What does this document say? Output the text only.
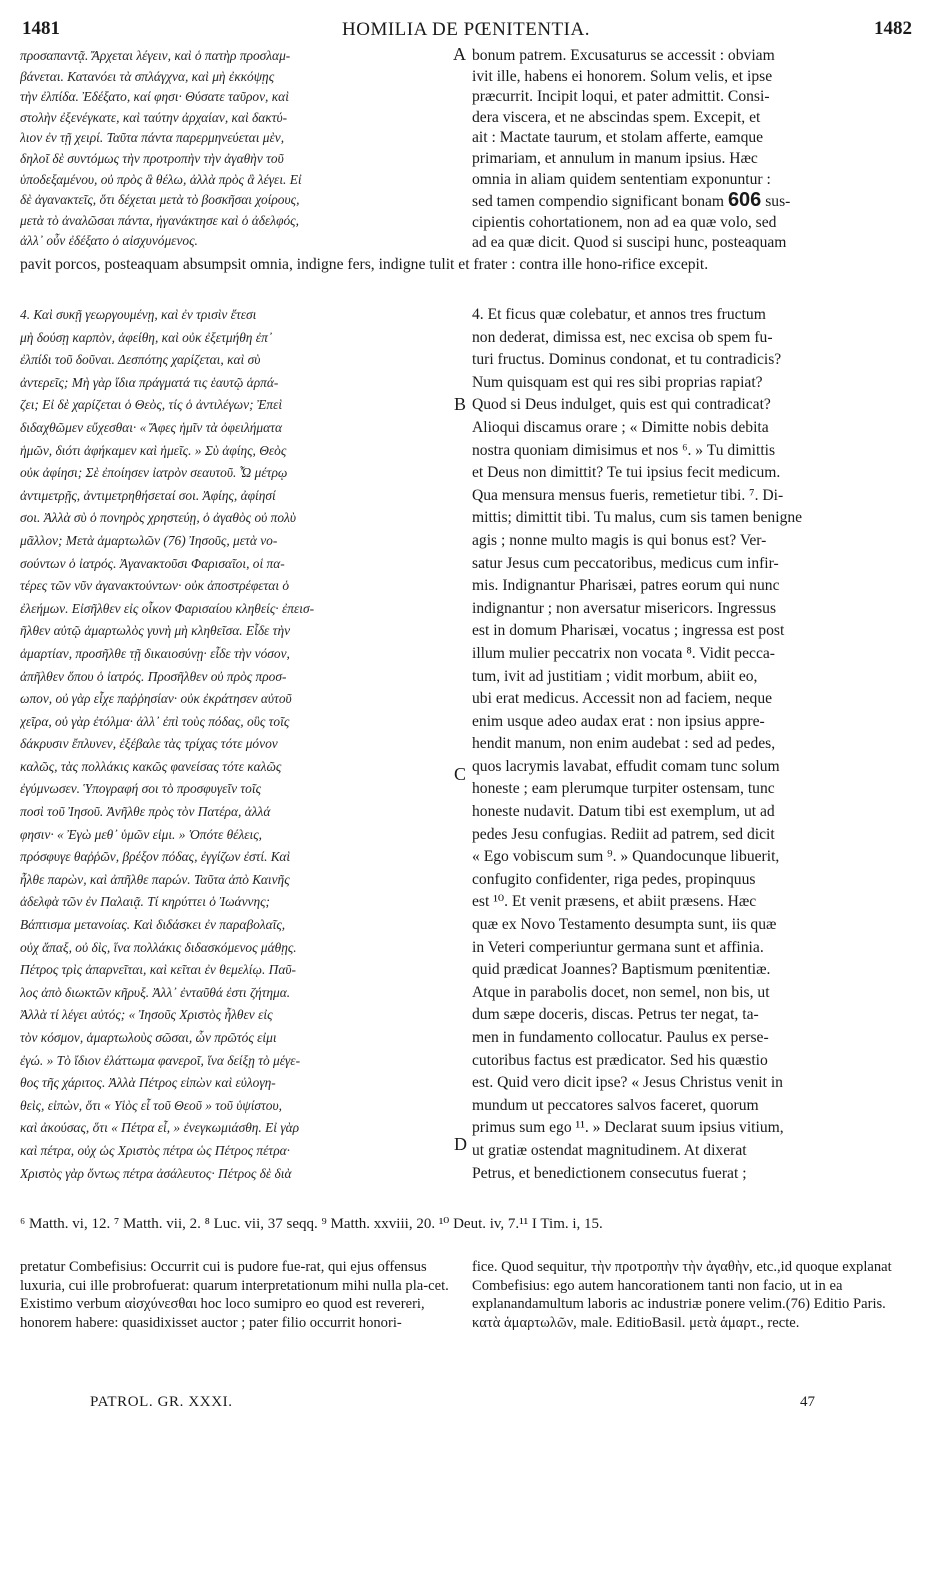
1481	HOMILIA DE PŒNITENTIA.	1482
προσαπαντᾷ. Ἄρχεται λέγειν, καὶ ὁ πατὴρ προσλαμ-
βάνεται. Κατανόει τὰ σπλάγχνα, καὶ μὴ ἐκκόψῃς
τὴν ἐλπίδα. Ἐδέξατο, καί φησι· Θύσατε ταῦρον, καὶ
στολὴν ἐξενέγκατε, καὶ ταύτην ἀρχαίαν, καὶ δακτύ-
λιον ἐν τῇ χειρί. Ταῦτα πάντα παρερμηνεύεται μὲν,
δηλοῖ δὲ συντόμως τὴν προτροπὴν τὴν ἀγαθὴν τοῦ
ὑποδεξαμένου, οὐ πρὸς ἃ θέλω, ἀλλὰ πρὸς ἃ λέγει. Εἰ
δὲ ἀγανακτεῖς, ὅτι δέχεται μετὰ τὸ βοσκῆσαι χοίρους,
μετὰ τὸ ἀναλῶσαι πάντα, ἠγανάκτησε καὶ ὁ ἀδελφός,
ἀλλ᾽ οὖν ἐδέξατο ὁ αἰσχυνόμενος.
A bonum patrem. Excusaturus se accessit : obviam
ivit ille, habens ei honorem. Solum velis, et ipse
præcurrit. Incipit loqui, et pater admittit. Consi-
dera viscera, et ne abscindas spem. Excepit, et
ait : Mactate taurum, et stolam afferte, eamque
primariam, et annulum in manum ipsius. Hæc
omnia in aliam quidem sententiam exponuntur :
sed tamen compendio significant bonam 606 sus-
cipientis cohortationem, non ad ea quæ volo, sed
ad ea quæ dicit. Quod si suscipi hunc, posteaquam
pavit porcos, posteaquam absumpsit omnia, indigne fers, indigne tulit et frater : contra ille hono-rifice excepit.
4. Καὶ συκῇ γεωργουμένῃ, καὶ ἐν τρισὶν ἔτεσι
μὴ δούσῃ καρπὸν, ἀφείθη, καὶ οὐκ ἐξετμήθη ἐπ᾽
ἐλπίδι τοῦ δοῦναι. Δεσπότης χαρίζεται, καὶ σὺ
ἀντερεῖς; Μὴ γὰρ ἴδια πράγματά τις ἑαυτῷ ἁρπά-
ζει; Εἰ δὲ χαρίζεται ὁ Θεὸς, τίς ὁ ἀντιλέγων; Ἐπεὶ
διδαχθῶμεν εὔχεσθαι· « Ἄφες ἡμῖν τὰ ὀφειλήματα
ἡμῶν, διότι ἀφήκαμεν καὶ ἡμεῖς. » Σὺ ἀφίης, Θεὸς
οὐκ ἀφίησι; Σὲ ἐποίησεν ἰατρὸν σεαυτοῦ. Ὦ μέτρῳ
ἀντιμετρῇς, ἀντιμετρηθήσεταί σοι. Ἀφίης, ἀφίησί
σοι. Ἀλλὰ σὺ ὁ πονηρὸς χρηστεύῃ, ὁ ἀγαθὸς οὐ πολὺ
μᾶλλον; Μετὰ ἁμαρτωλῶν (76) Ἰησοῦς, μετὰ νο-
σούντων ὁ ἰατρός. Ἀγανακτοῦσι Φαρισαῖοι, οἱ πα-
τέρες τῶν νῦν ἀγανακτούντων· οὐκ ἀποστρέφεται ὁ
ἐλεήμων. Εἰσῆλθεν εἰς οἶκον Φαρισαίου κληθείς· ἐπεισ-
ῆλθεν αὐτῷ ἁμαρτωλὸς γυνὴ μὴ κληθεῖσα. Εἶδε τὴν
ἁμαρτίαν, προσῆλθε τῇ δικαιοσύνῃ· εἶδε τὴν νόσον,
ἀπῆλθεν ὅπου ὁ ἰατρός. Προσῆλθεν οὐ πρὸς προσ-
ωπον, οὐ γὰρ εἶχε παῤῥησίαν· οὐκ ἐκράτησεν αὐτοῦ
χεῖρα, οὐ γὰρ ἐτόλμα· ἀλλ᾽ ἐπὶ τοὺς πόδας, οὓς τοῖς
δάκρυσιν ἔπλυνεν, ἐξέβαλε τὰς τρίχας τότε μόνον
καλῶς, τὰς πολλάκις κακῶς φανείσας τότε καλῶς
ἐγύμνωσεν. Ὑπογραφή σοι τὸ προσφυγεῖν τοῖς
ποσὶ τοῦ Ἰησοῦ. Ἀνῆλθε πρὸς τὸν Πατέρα, ἀλλά
φησιν· « Ἐγὼ μεθ᾽ ὑμῶν εἰμι. » Ὁπότε θέλεις,
πρόσφυγε θαῤῥῶν, βρέξον πόδας, ἐγγίζων ἐστί. Καὶ
ἦλθε παρὼν, καὶ ἀπῆλθε παρών. Ταῦτα ἀπὸ Καινῆς
ἀδελφὰ τῶν ἐν Παλαιᾷ. Τί κηρύττει ὁ Ἰωάννης;
Βάπτισμα μετανοίας. Καὶ διδάσκει ἐν παραβολαῖς,
οὐχ ἅπαξ, οὐ δὶς, ἵνα πολλάκις διδασκόμενος μάθῃς.
Πέτρος τρὶς ἀπαρνεῖται, καὶ κεῖται ἐν θεμελίῳ. Παῦ-
λος ἀπὸ διωκτῶν κῆρυξ. Ἀλλ᾽ ἐνταῦθά ἐστι ζήτημα.
Ἀλλὰ τί λέγει αὐτός; « Ἰησοῦς Χριστὸς ἦλθεν εἰς
τὸν κόσμον, ἁμαρτωλοὺς σῶσαι, ὧν πρῶτός εἰμι
ἐγώ. » Τὸ ἴδιον ἐλάττωμα φανεροῖ, ἵνα δείξῃ τὸ μέγε-
θος τῆς χάριτος. Ἀλλὰ Πέτρος εἰπὼν καὶ εὐλογη-
θεὶς, εἰπὼν, ὅτι « Υἱὸς εἶ τοῦ Θεοῦ » τοῦ ὑψίστου,
καὶ ἀκούσας, ὅτι « Πέτρα εἶ, » ἐνεγκωμιάσθη. Εἰ γὰρ
καὶ πέτρα, οὐχ ὡς Χριστὸς πέτρα ὡς Πέτρος πέτρα·
Χριστὸς γὰρ ὄντως πέτρα ἀσάλευτος· Πέτρος δὲ διὰ
B
C
D
4. Et ficus quæ colebatur, et annos tres fructum
non dederat, dimissa est, nec excisa ob spem fu-
turi fructus. Dominus condonat, et tu contradicis?
Num quisquam est qui res sibi proprias rapiat?
Quod si Deus indulget, quis est qui contradicat?
Alioqui discamus orare ; « Dimitte nobis debita
nostra quoniam dimisimus et nos ⁶. » Tu dimittis
et Deus non dimittit? Te tui ipsius fecit medicum.
Qua mensura mensus fueris, remetietur tibi. ⁷. Di-
mittis; dimittit tibi. Tu malus, cum sis tamen benigne
agis ; nonne multo magis is qui bonus est? Ver-
satur Jesus cum peccatoribus, medicus cum infir-
mis. Indignantur Pharisæi, patres eorum qui nunc
indignantur ; non aversatur misericors. Ingressus
est in domum Pharisæi, vocatus ; ingressa est post
illum mulier peccatrix non vocata ⁸. Vidit pecca-
tum, ivit ad justitiam ; vidit morbum, abiit eo,
ubi erat medicus. Accessit non ad faciem, neque
enim usque adeo audax erat : non ipsius appre-
hendit manum, non enim audebat : sed ad pedes,
quos lacrymis lavabat, effudit comam tunc solum
honeste ; eam plerumque turpiter ostensam, tunc
honeste nudavit. Datum tibi est exemplum, ut ad
pedes Jesu confugias. Rediit ad patrem, sed dicit
« Ego vobiscum sum ⁹. » Quandocunque libuerit,
confugito confidenter, riga pedes, propinquus
est ¹⁰. Et venit præsens, et abiit præsens. Hæc
quæ ex Novo Testamento desumpta sunt, iis quæ
in Veteri comperiuntur germana sunt et affinia.
quid prædicat Joannes? Baptismum pœnitentiæ.
Atque in parabolis docet, non semel, non bis, ut
dum sæpe doceris, discas. Petrus ter negat, ta-
men in fundamento collocatur. Paulus ex perse-
cutoribus factus est prædicator. Sed his quæstio
est. Quid vero dicit ipse? « Jesus Christus venit in
mundum ut peccatores salvos faceret, quorum
primus sum ego ¹¹. » Declarat suum ipsius vitium,
ut gratiæ ostendat magnitudinem. At dixerat
Petrus, et benedictionem consecutus fuerat ;
⁶ Matth. vi, 12. ⁷ Matth. vii, 2. ⁸ Luc. vii, 37 seqq. ⁹ Matth. xxviii, 20. ¹⁰ Deut. iv, 7.¹¹ I Tim. i, 15.
pretatur Combefisius: Occurrit cui is pudore fue-rat, qui ejus offensus luxuria, cui ille probrofuerat: quarum interpretationum mihi nulla pla-cet. Existimo verbum αἰσχύνεσθαι hoc loco sumipro eo quod est revereri, honorem habere: quasidixisset auctor ; pater filio occurrit honori-
fice. Quod sequitur, τὴν προτροπὴν τὴν ἀγαθὴν, etc.,id quoque explanat Combefisius: ego autem hancorationem tanti non facio, ut in ea explanandamultum laboris ac industriæ ponere velim.(76) Editio Paris. κατὰ ἁμαρτωλῶν, male. EditioBasil. μετὰ ἁμαρτ., recte.
PATROL. GR. XXXI.	47
